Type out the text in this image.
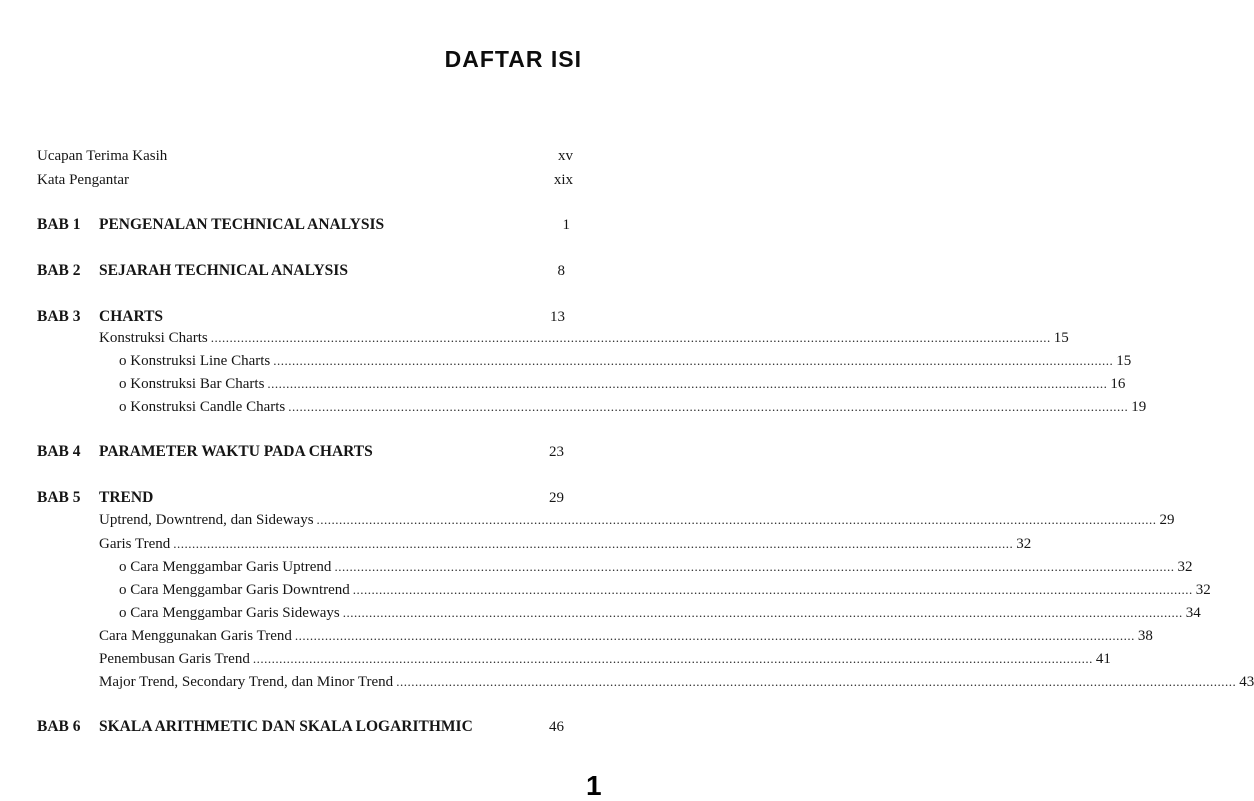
DAFTAR ISI
Ucapan Terima Kasih	xv
Kata Pengantar	xix
BAB 1	PENGENALAN TECHNICAL ANALYSIS	1
BAB 2	SEJARAH TECHNICAL ANALYSIS	8
BAB 3	CHARTS	13
Konstruksi Charts .....	15
o Konstruksi Line Charts .....	15
o Konstruksi Bar Charts .....	16
o Konstruksi Candle Charts .....	19
BAB 4	PARAMETER WAKTU PADA CHARTS	23
BAB 5	TREND	29
Uptrend, Downtrend, dan Sideways .....	29
Garis Trend .....	32
o Cara Menggambar Garis Uptrend .....	32
o Cara Menggambar Garis Downtrend .....	32
o Cara Menggambar Garis Sideways .....	34
Cara Menggunakan Garis Trend .....	38
Penembusan Garis Trend .....	41
Major Trend, Secondary Trend, dan Minor Trend .....	43
BAB 6	SKALA ARITHMETIC DAN SKALA LOGARITHMIC	46
1
